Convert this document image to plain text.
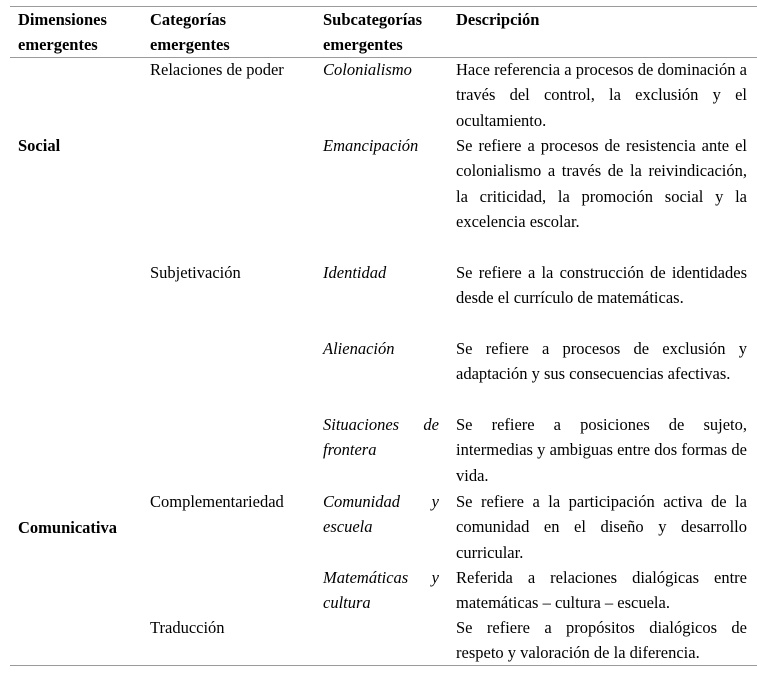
Dimensiones
emergentes
Categorías
emergentes
Subcategorías
emergentes
Descripción
Social
Comunicativa
Relaciones de poder
Subjetivación
Complementariedad
Traducción
Colonialismo
Emancipación
Identidad
Alienación
Situaciones de frontera
Comunidad y escuela
Matemáticas y cultura
Hace referencia a procesos de dominación a través del control, la exclusión y el ocultamiento.
Se refiere a procesos de resistencia ante el colonialismo a través de la reivindicación, la criticidad, la promoción social y la excelencia escolar.
Se refiere a la construcción de identidades desde el currículo de matemáticas.
Se refiere a procesos de exclusión y adaptación y sus consecuencias afectivas.
Se refiere a posiciones de sujeto, intermedias y ambiguas entre dos formas de vida.
Se refiere a la participación activa de la comunidad en el diseño y desarrollo curricular.
Referida a relaciones dialógicas entre matemáticas – cultura – escuela.
Se refiere a propósitos dialógicos de respeto y valoración de la diferencia.
